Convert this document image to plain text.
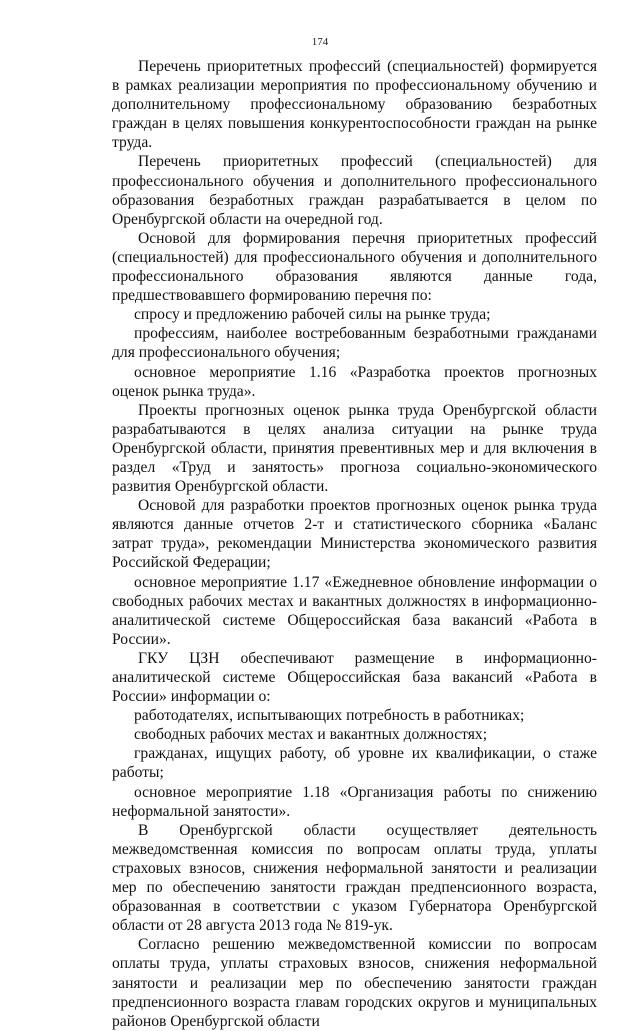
174

Перечень приоритетных профессий (специальностей) формируется в рамках реализации мероприятия по профессиональному обучению и дополнительному профессиональному образованию безработных граждан в целях повышения конкурентоспособности граждан на рынке труда.

Перечень приоритетных профессий (специальностей) для профессионального обучения и дополнительного профессионального образования безработных граждан разрабатывается в целом по Оренбургской области на очередной год.

Основой для формирования перечня приоритетных профессий (специальностей) для профессионального обучения и дополнительного профессионального образования являются данные года, предшествовавшего формированию перечня по:

спросу и предложению рабочей силы на рынке труда;

профессиям, наиболее востребованным безработными гражданами для профессионального обучения;

основное мероприятие 1.16 «Разработка проектов прогнозных оценок рынка труда».

Проекты прогнозных оценок рынка труда Оренбургской области разрабатываются в целях анализа ситуации на рынке труда Оренбургской области, принятия превентивных мер и для включения в раздел «Труд и занятость» прогноза социально-экономического развития Оренбургской области.

Основой для разработки проектов прогнозных оценок рынка труда являются данные отчетов 2-т и статистического сборника «Баланс затрат труда», рекомендации Министерства экономического развития Российской Федерации;

основное мероприятие 1.17 «Ежедневное обновление информации о свободных рабочих местах и вакантных должностях в информационно-аналитической системе Общероссийская база вакансий «Работа в России».

ГКУ ЦЗН обеспечивают размещение в информационно-аналитической системе Общероссийская база вакансий «Работа в России» информации о:

работодателях, испытывающих потребность в работниках;

свободных рабочих местах и вакантных должностях;

гражданах, ищущих работу, об уровне их квалификации, о стаже работы;

основное мероприятие 1.18 «Организация работы по снижению неформальной занятости».

В Оренбургской области осуществляет деятельность межведомственная комиссия по вопросам оплаты труда, уплаты страховых взносов, снижения неформальной занятости и реализации мер по обеспечению занятости граждан предпенсионного возраста, образованная в соответствии с указом Губернатора Оренбургской области от 28 августа 2013 года № 819-ук.

Согласно решению межведомственной комиссии по вопросам оплаты труда, уплаты страховых взносов, снижения неформальной занятости и реализации мер по обеспечению занятости граждан предпенсионного возраста главам городских округов и муниципальных районов Оренбургской области
